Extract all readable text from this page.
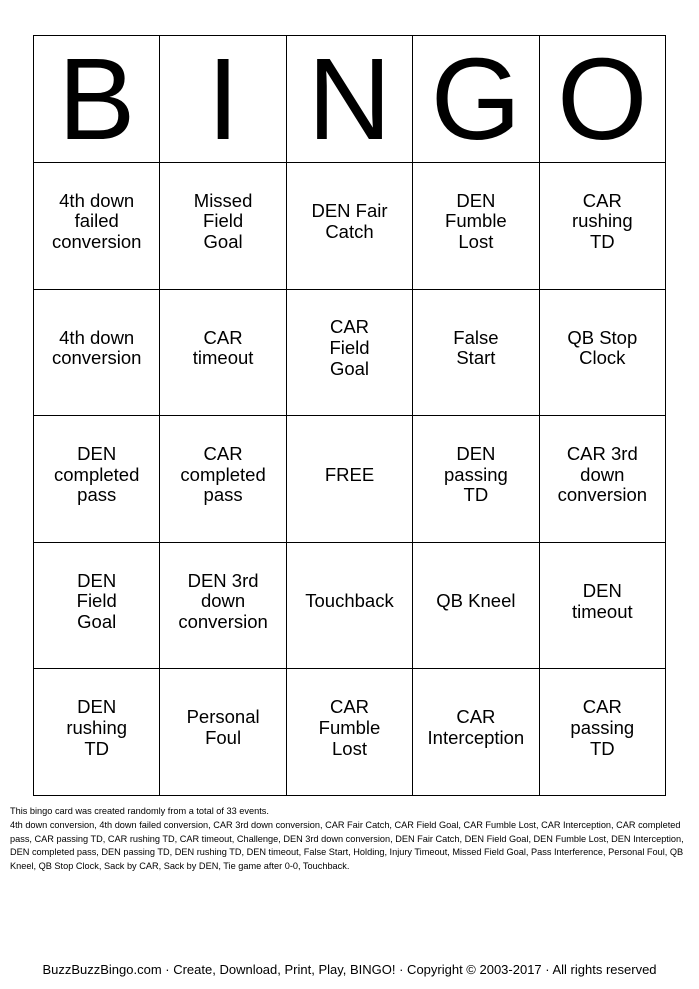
B I N G O
4th down
failed
conversion
Missed
Field
Goal
DEN Fair
Catch
DEN
Fumble
Lost
CAR
rushing
TD
4th down
conversion
CAR
timeout
CAR
Field
Goal
False
Start
QB Stop
Clock
DEN
completed
pass
CAR
completed
pass
FREE
DEN
passing
TD
CAR 3rd
down
conversion
DEN
Field
Goal
DEN 3rd
down
conversion
Touchback QB Kneel	DEN
timeout
DEN
rushing
TD
Personal
Foul
CAR
Fumble
Lost
CAR
Interception
CAR
passing
TD

This bingo card was created randomly from a total of 33 events.

4th down conversion, 4th down failed conversion, CAR 3rd down conversion, CAR Fair Catch, CAR Field Goal, CAR Fumble Lost, CAR Interception, CAR completed pass, CAR passing TD, CAR rushing TD, CAR timeout, Challenge, DEN 3rd down conversion, DEN Fair Catch, DEN Field Goal, DEN Fumble Lost, DEN Interception, DEN completed pass, DEN passing TD, DEN rushing TD, DEN timeout, False Start, Holding, Injury Timeout, Missed Field Goal, Pass Interference, Personal Foul, QB Kneel, QB Stop Clock, Sack by CAR, Sack by DEN, Tie game after 0-0, Touchback.

BuzzBuzzBingo.com · Create, Download, Print, Play, BINGO! · Copyright © 2003-2017 · All rights reserved
